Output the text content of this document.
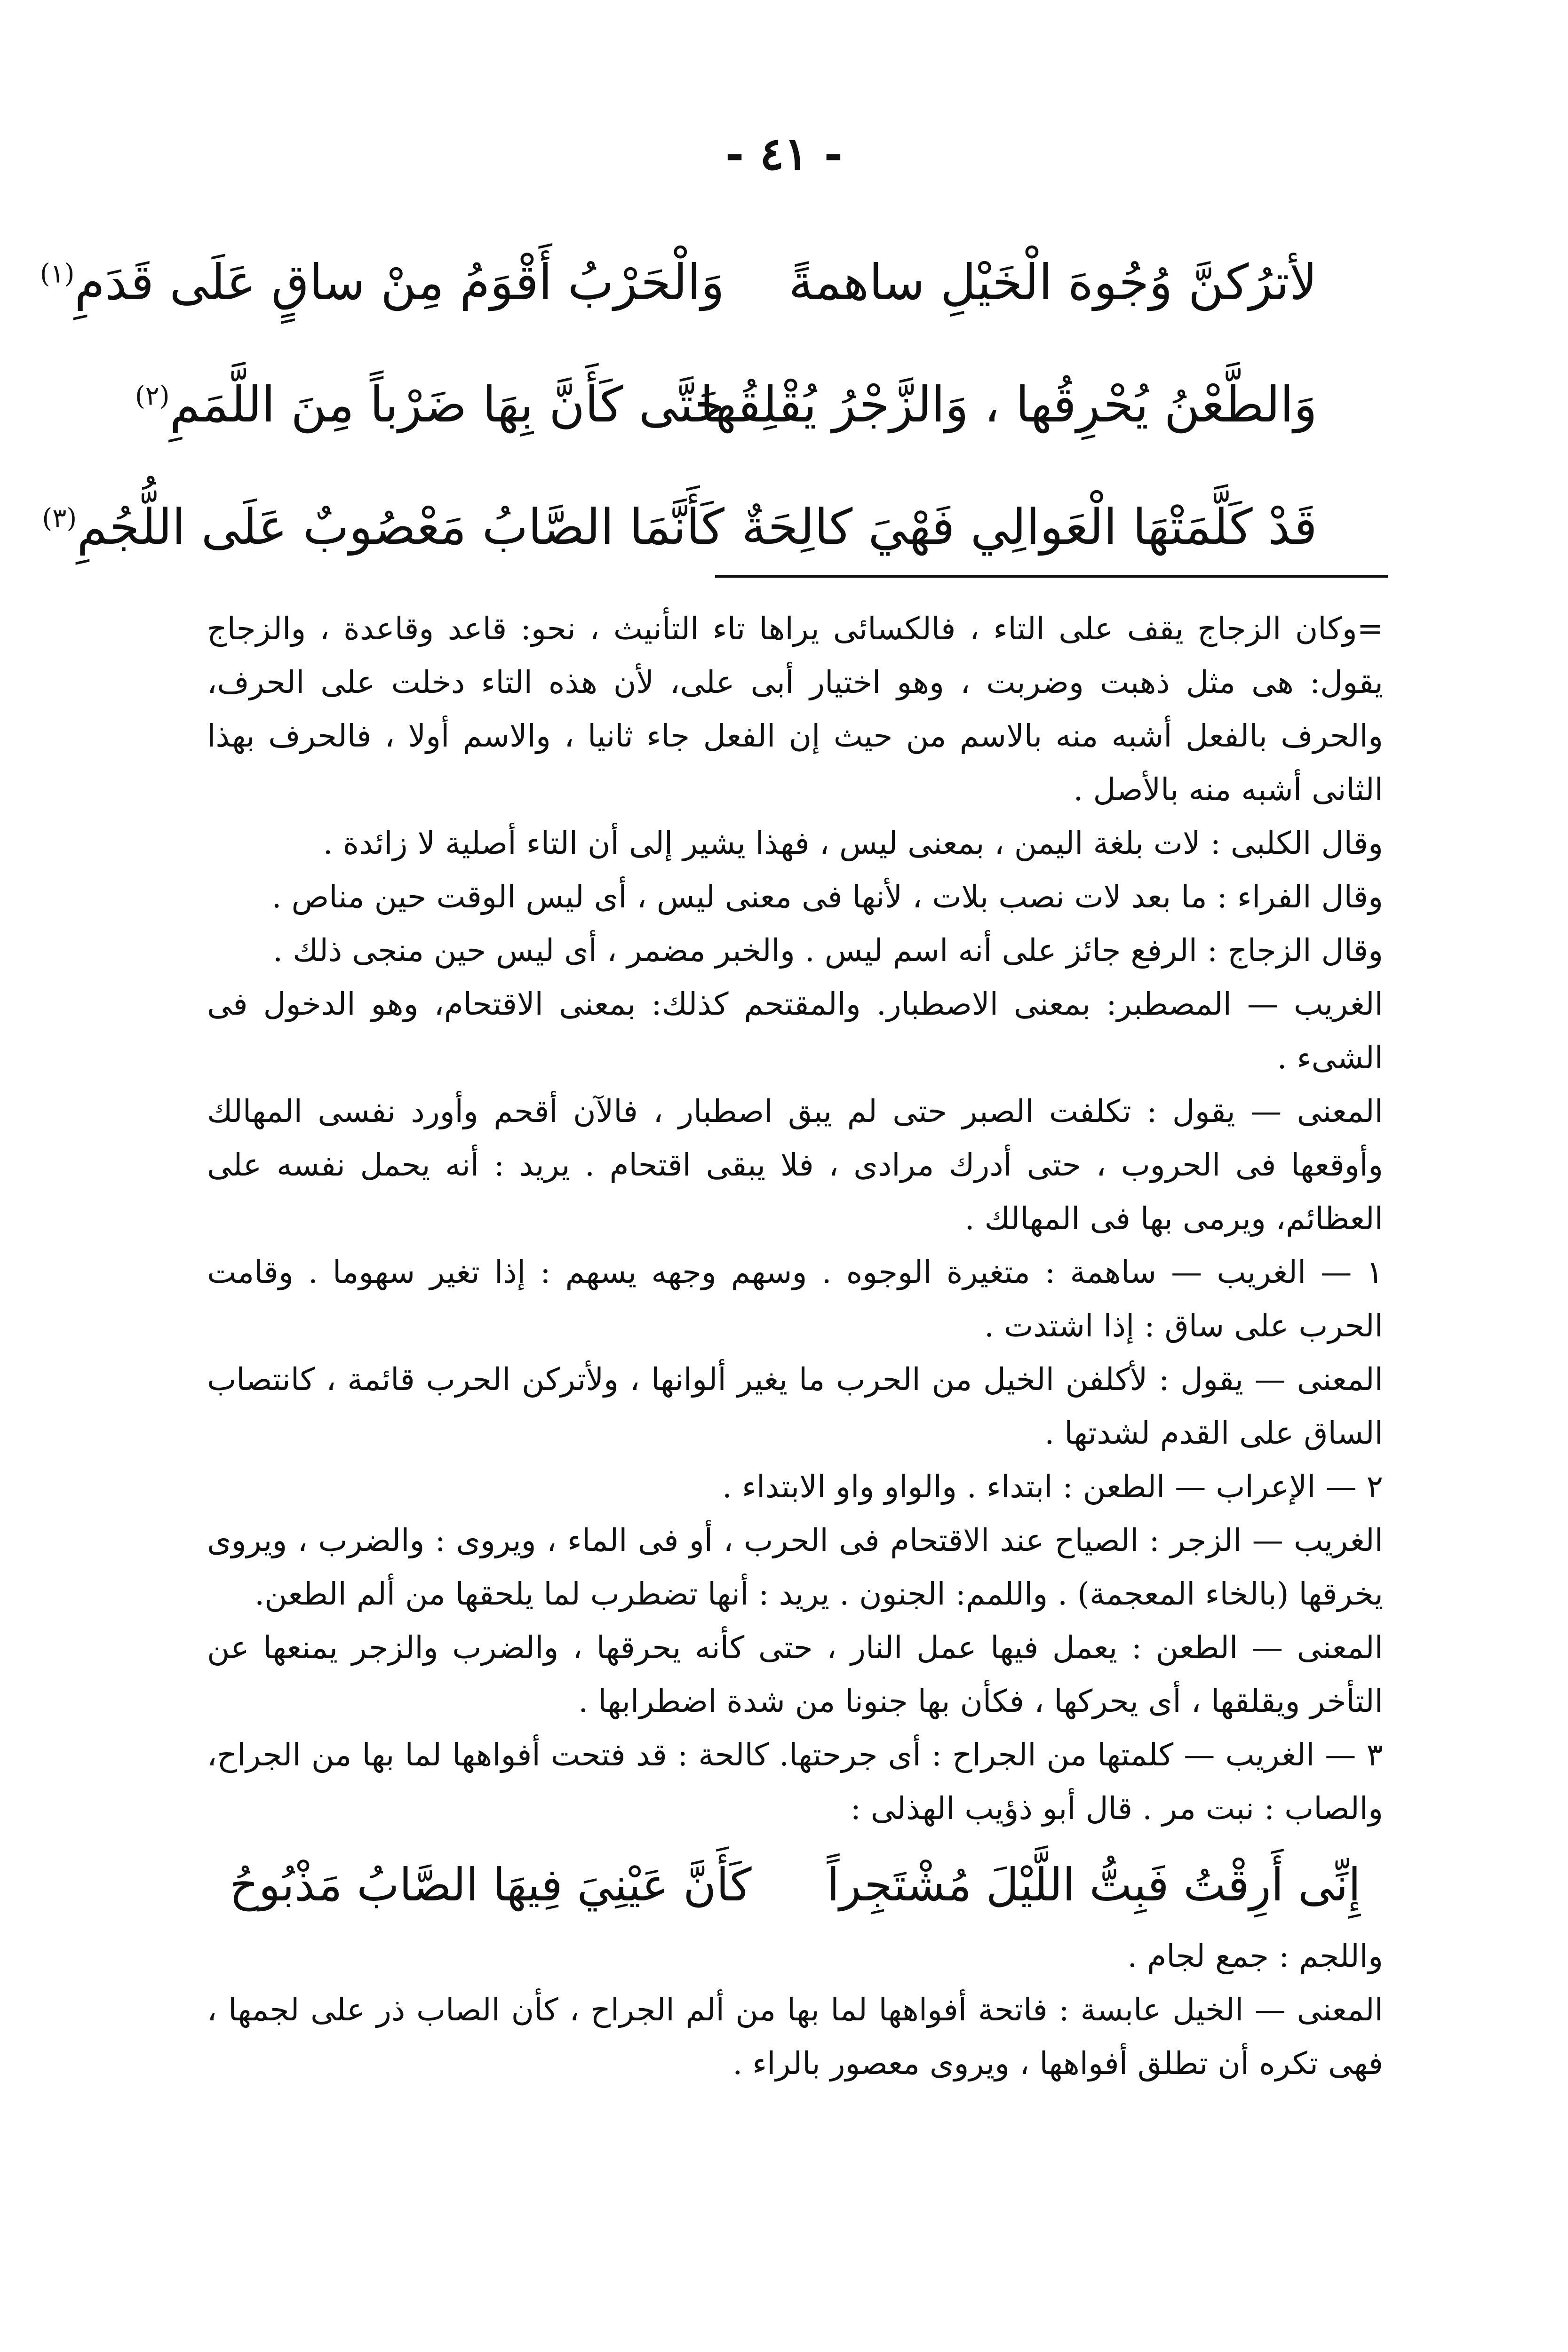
- ٤١ -
لأترُكنَّ وُجُوهَ الْخَيْلِ ساهمةً
وَالْحَرْبُ أَقْوَمُ مِنْ ساقٍ عَلَى قَدَمِ$^{(١)}$
وَالطَّعْنُ يُحْرِقُها ، وَالزَّجْرُ يُقْلِقُها
حَتَّى كَأَنَّ بِهَا ضَرْباً مِنَ اللَّمَمِ$^{(٢)}$
قَدْ كَلَّمَتْهَا الْعَوالِي فَهْيَ كالِحَةٌ
كَأَنَّمَا الصَّابُ مَعْصُوبٌ عَلَى اللُّجُمِ$^{(٣)}$

=وكان الزجاج يقف على التاء ، فالكسائى يراها تاء التأنيث ، نحو: قاعد وقاعدة ، والزجاج يقول: هى مثل ذهبت وضربت ، وهو اختيار أبى على، لأن هذه التاء دخلت على الحرف، والحرف بالفعل أشبه منه بالاسم من حيث إن الفعل جاء ثانيا ، والاسم أولا ، فالحرف بهذا الثانى أشبه منه بالأصل .

وقال الكلبى : لات بلغة اليمن ، بمعنى ليس ، فهذا يشير إلى أن التاء أصلية لا زائدة .

وقال الفراء : ما بعد لات نصب بلات ، لأنها فى معنى ليس ، أى ليس الوقت حين مناص .

وقال الزجاج : الرفع جائز على أنه اسم ليس . والخبر مضمر ، أى ليس حين منجى ذلك .

الغريب — المصطبر: بمعنى الاصطبار. والمقتحم كذلك: بمعنى الاقتحام، وهو الدخول فى الشىء .

المعنى — يقول : تكلفت الصبر حتى لم يبق اصطبار ، فالآن أقحم وأورد نفسى المهالك وأوقعها فى الحروب ، حتى أدرك مرادى ، فلا يبقى اقتحام . يريد : أنه يحمل نفسه على العظائم، ويرمى بها فى المهالك .

١ — الغريب — ساهمة : متغيرة الوجوه . وسهم وجهه يسهم : إذا تغير سهوما . وقامت الحرب على ساق : إذا اشتدت .

المعنى — يقول : لأكلفن الخيل من الحرب ما يغير ألوانها ، ولأتركن الحرب قائمة ، كانتصاب الساق على القدم لشدتها .

٢ — الإعراب — الطعن : ابتداء . والواو واو الابتداء .

الغريب — الزجر : الصياح عند الاقتحام فى الحرب ، أو فى الماء ، ويروى : والضرب ، ويروى يخرقها (بالخاء المعجمة) . واللمم: الجنون . يريد : أنها تضطرب لما يلحقها من ألم الطعن.

المعنى — الطعن : يعمل فيها عمل النار ، حتى كأنه يحرقها ، والضرب والزجر يمنعها عن التأخر ويقلقها ، أى يحركها ، فكأن بها جنونا من شدة اضطرابها .

٣ — الغريب — كلمتها من الجراح : أى جرحتها. كالحة : قد فتحت أفواهها لما بها من الجراح، والصاب : نبت مر . قال أبو ذؤيب الهذلى :

إِنِّى أَرِقْتُ فَبِتُّ اللَّيْلَ مُشْتَجِراً
كَأَنَّ عَيْنِيَ فِيهَا الصَّابُ مَذْبُوحُ

واللجم : جمع لجام .

المعنى — الخيل عابسة : فاتحة أفواهها لما بها من ألم الجراح ، كأن الصاب ذر على لجمها ، فهى تكره أن تطلق أفواهها ، ويروى معصور بالراء .
